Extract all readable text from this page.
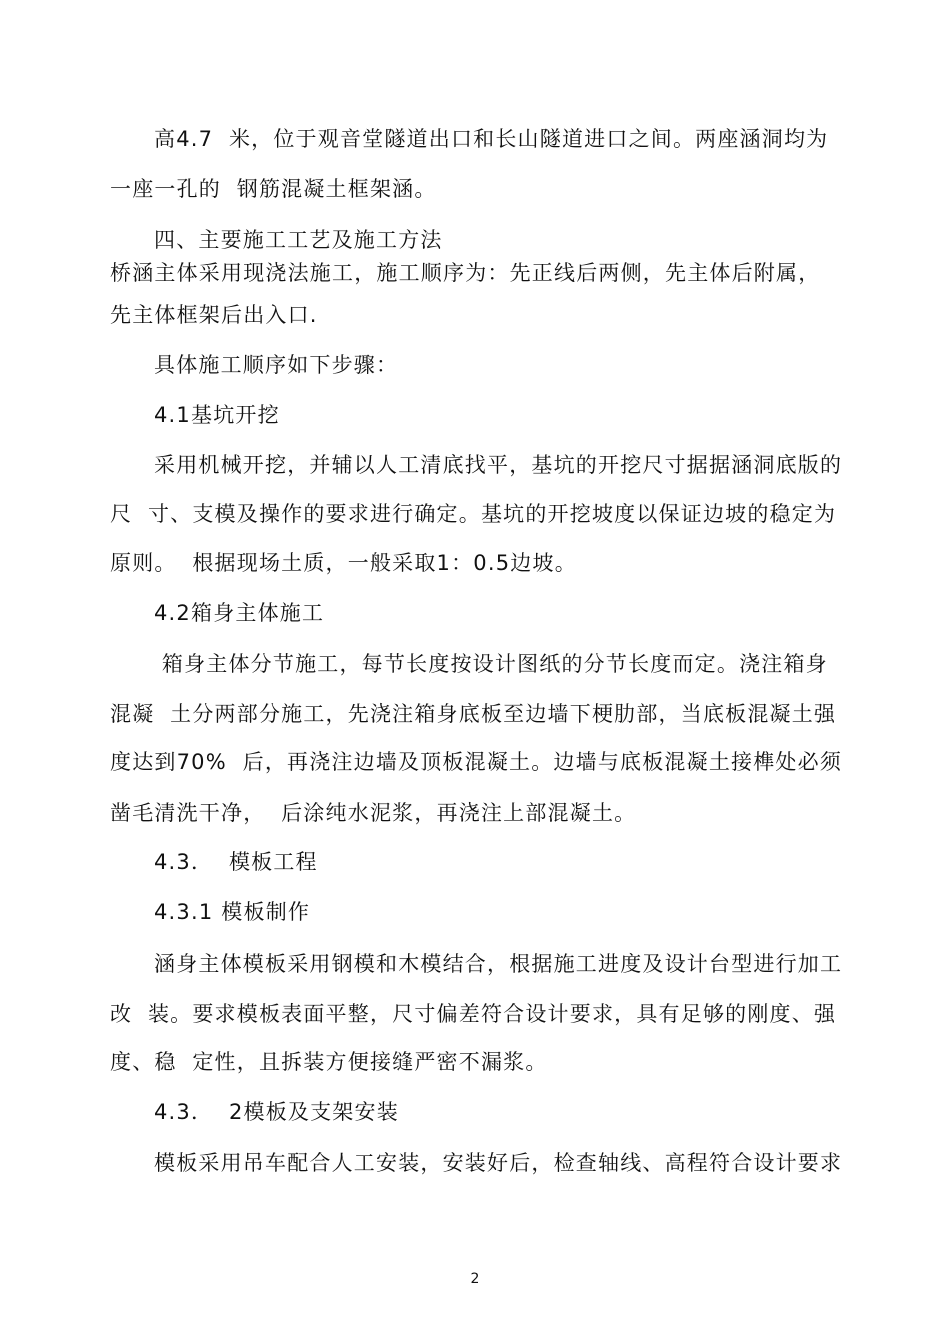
高4.7  米，位于观音堂隧道出口和长山隧道进口之间。两座涵洞均为
一座一孔的  钢筋混凝土框架涵。
四、主要施工工艺及施工方法
桥涵主体采用现浇法施工，施工顺序为：先正线后两侧，先主体后附属，
先主体框架后出入口.
具体施工顺序如下步骤：
4.1基坑开挖
采用机械开挖，并辅以人工清底找平，基坑的开挖尺寸据据涵洞底版的
尺  寸、支模及操作的要求进行确定。基坑的开挖坡度以保证边坡的稳定为
原则。  根据现场土质，一般采取1：0.5边坡。
4.2箱身主体施工
箱身主体分节施工，每节长度按设计图纸的分节长度而定。浇注箱身
混凝  土分两部分施工，先浇注箱身底板至边墙下梗肋部，当底板混凝土强
度达到70%  后，再浇注边墙及顶板混凝土。边墙与底板混凝土接榫处必须
凿毛清洗干净，  后涂纯水泥浆，再浇注上部混凝土。
4.3．  模板工程
4.3.1 模板制作
涵身主体模板采用钢模和木模结合，根据施工进度及设计台型进行加工
改  装。要求模板表面平整，尺寸偏差符合设计要求，具有足够的刚度、强
度、稳  定性，且拆装方便接缝严密不漏浆。
4.3．  2模板及支架安装
模板采用吊车配合人工安装，安装好后，检查轴线、高程符合设计要求
2
